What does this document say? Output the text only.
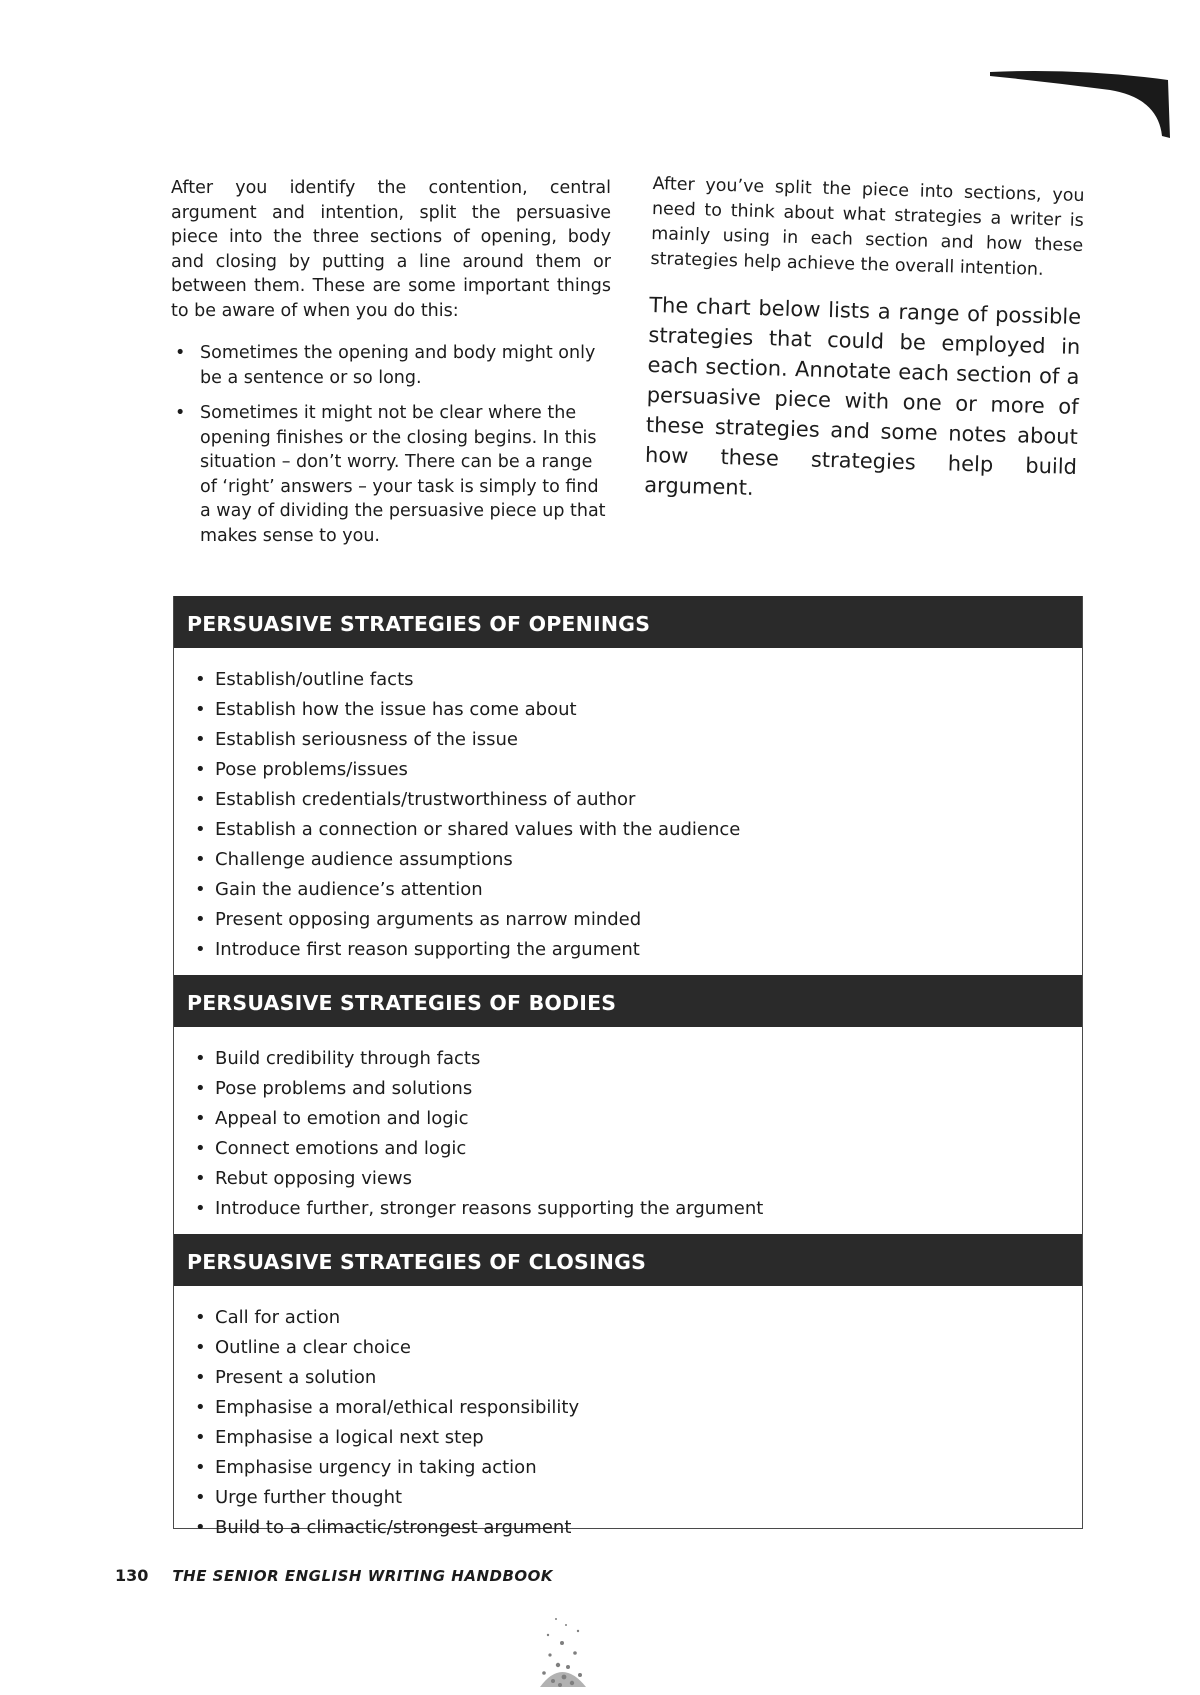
After you identify the contention, central argument and intention, split the persuasive piece into the three sections of opening, body and closing by putting a line around them or between them. These are some important things to be aware of when you do this:

• Sometimes the opening and body might only be a sentence or so long.
• Sometimes it might not be clear where the opening finishes or the closing begins. In this situation – don’t worry. There can be a range of ‘right’ answers – your task is simply to find a way of dividing the persuasive piece up that makes sense to you.

After you’ve split the piece into sections, you need to think about what strategies a writer is mainly using in each section and how these strategies help achieve the overall intention.

The chart below lists a range of possible strategies that could be employed in each section. Annotate each section of a persuasive piece with one or more of these strategies and some notes about how these strategies help build argument.

PERSUASIVE STRATEGIES OF OPENINGS
• Establish/outline facts
• Establish how the issue has come about
• Establish seriousness of the issue
• Pose problems/issues
• Establish credentials/trustworthiness of author
• Establish a connection or shared values with the audience
• Challenge audience assumptions
• Gain the audience’s attention
• Present opposing arguments as narrow minded
• Introduce first reason supporting the argument
PERSUASIVE STRATEGIES OF BODIES
• Build credibility through facts
• Pose problems and solutions
• Appeal to emotion and logic
• Connect emotions and logic
• Rebut opposing views
• Introduce further, stronger reasons supporting the argument
PERSUASIVE STRATEGIES OF CLOSINGS
• Call for action
• Outline a clear choice
• Present a solution
• Emphasise a moral/ethical responsibility
• Emphasise a logical next step
• Emphasise urgency in taking action
• Urge further thought
• Build to a climactic/strongest argument
130 THE SENIOR ENGLISH WRITING HANDBOOK
